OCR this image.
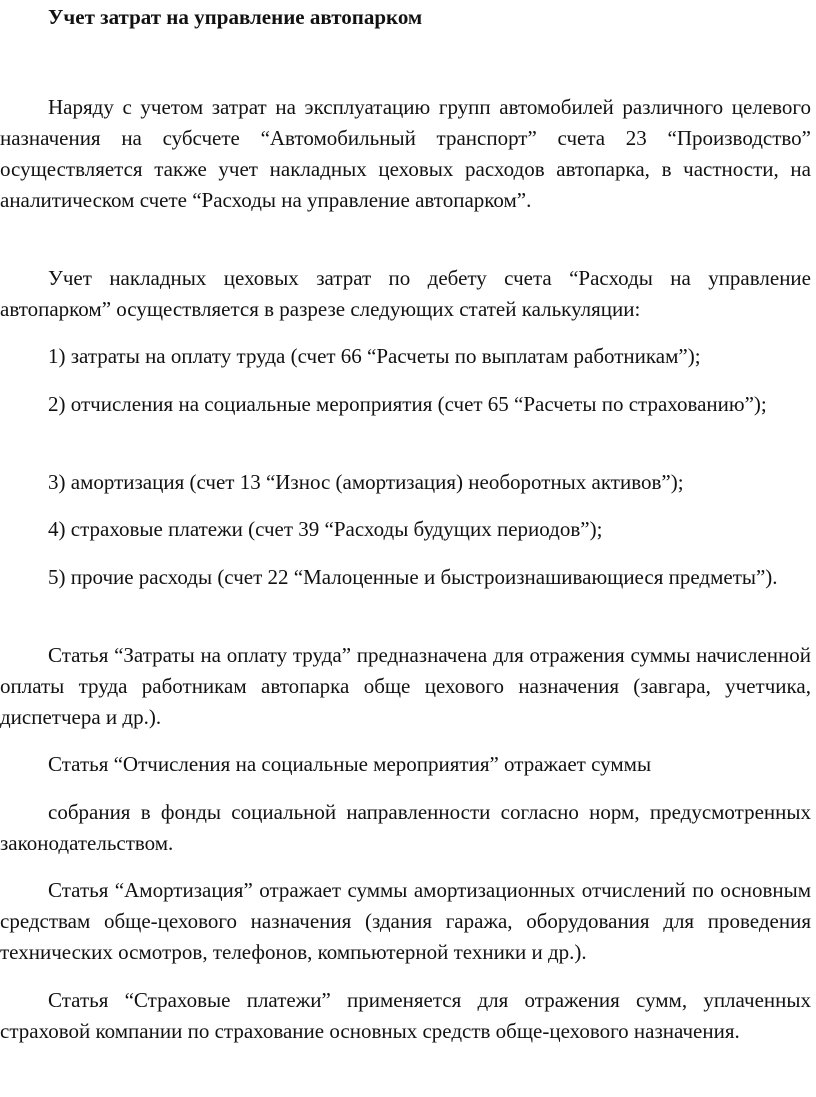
Учет затрат на управление автопарком

Наряду с учетом затрат на эксплуатацию групп автомобилей различного целевого назначения на субсчете “Автомобильный транспорт” счета 23 “Производство” осуществляется также учет накладных цеховых расходов автопарка, в частности, на аналитическом счете “Расходы на управление автопарком”.

Учет накладных цеховых затрат по дебету счета “Расходы на управление автопарком” осуществляется в разрезе следующих статей калькуляции:

1) затраты на оплату труда (счет 66 “Расчеты по выплатам работникам”);

2) отчисления на социальные мероприятия (счет 65 “Расчеты по страхованию”);

3) амортизация (счет 13 “Износ (амортизация) необоротных активов”);

4) страховые платежи (счет 39 “Расходы будущих периодов”);

5) прочие расходы (счет 22 “Малоценные и быстроизнашивающиеся предметы”).

Статья “Затраты на оплату труда” предназначена для отражения суммы начисленной оплаты труда работникам автопарка обще цехового назначения (завгара, учетчика, диспетчера и др.).

Статья “Отчисления на социальные мероприятия” отражает суммы

собрания в фонды социальной направленности согласно норм, предусмотренных законодательством.

Статья “Амортизация” отражает суммы амортизационных отчислений по основным средствам обще-цехового назначения (здания гаража, оборудования для проведения технических осмотров, телефонов, компьютерной техники и др.).

Статья “Страховые платежи” применяется для отражения сумм, уплаченных страховой компании по страхование основных средств обще-цехового назначения.
